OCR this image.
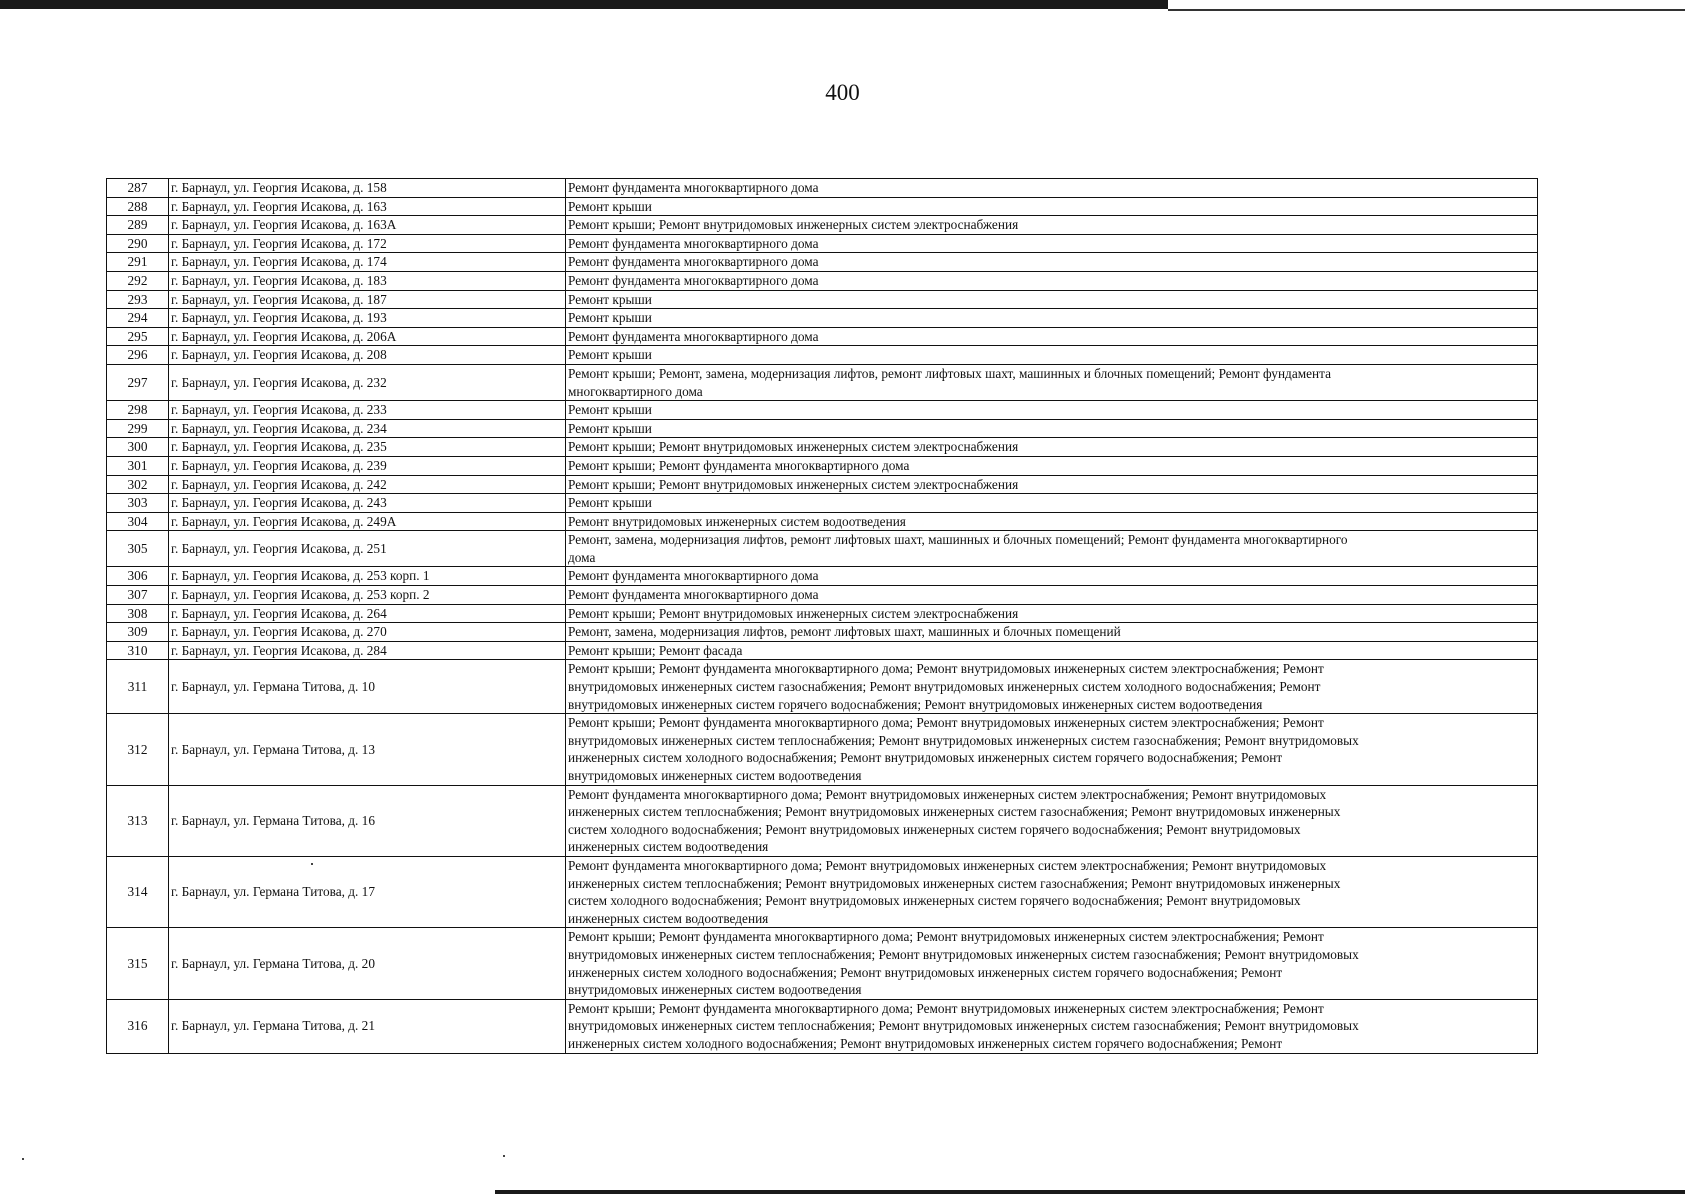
400
287	г. Барнаул, ул. Георгия Исакова, д. 158	Ремонт фундамента многоквартирного дома

288	г. Барнаул, ул. Георгия Исакова, д. 163	Ремонт крыши

289	г. Барнаул, ул. Георгия Исакова, д. 163А	Ремонт крыши; Ремонт внутридомовых инженерных систем электроснабжения

290	г. Барнаул, ул. Георгия Исакова, д. 172	Ремонт фундамента многоквартирного дома

291	г. Барнаул, ул. Георгия Исакова, д. 174	Ремонт фундамента многоквартирного дома

292	г. Барнаул, ул. Георгия Исакова, д. 183	Ремонт фундамента многоквартирного дома

293	г. Барнаул, ул. Георгия Исакова, д. 187	Ремонт крыши

294	г. Барнаул, ул. Георгия Исакова, д. 193	Ремонт крыши

295	г. Барнаул, ул. Георгия Исакова, д. 206А	Ремонт фундамента многоквартирного дома

296	г. Барнаул, ул. Георгия Исакова, д. 208	Ремонт крыши

297	г. Барнаул, ул. Георгия Исакова, д. 232	Ремонт крыши; Ремонт, замена, модернизация лифтов, ремонт лифтовых шахт, машинных и блочных помещений; Ремонт фундамента
многоквартирного дома

298	г. Барнаул, ул. Георгия Исакова, д. 233	Ремонт крыши

299	г. Барнаул, ул. Георгия Исакова, д. 234	Ремонт крыши

300	г. Барнаул, ул. Георгия Исакова, д. 235	Ремонт крыши; Ремонт внутридомовых инженерных систем электроснабжения

301	г. Барнаул, ул. Георгия Исакова, д. 239	Ремонт крыши; Ремонт фундамента многоквартирного дома

302	г. Барнаул, ул. Георгия Исакова, д. 242	Ремонт крыши; Ремонт внутридомовых инженерных систем электроснабжения

303	г. Барнаул, ул. Георгия Исакова, д. 243	Ремонт крыши

304	г. Барнаул, ул. Георгия Исакова, д. 249А	Ремонт внутридомовых инженерных систем водоотведения

305	г. Барнаул, ул. Георгия Исакова, д. 251	Ремонт, замена, модернизация лифтов, ремонт лифтовых шахт, машинных и блочных помещений; Ремонт фундамента многоквартирного
дома

306	г. Барнаул, ул. Георгия Исакова, д. 253 корп. 1	Ремонт фундамента многоквартирного дома

307	г. Барнаул, ул. Георгия Исакова, д. 253 корп. 2	Ремонт фундамента многоквартирного дома

308	г. Барнаул, ул. Георгия Исакова, д. 264	Ремонт крыши; Ремонт внутридомовых инженерных систем электроснабжения

309	г. Барнаул, ул. Георгия Исакова, д. 270	Ремонт, замена, модернизация лифтов, ремонт лифтовых шахт, машинных и блочных помещений

310	г. Барнаул, ул. Георгия Исакова, д. 284	Ремонт крыши; Ремонт фасада

311	г. Барнаул, ул. Германа Титова, д. 10	Ремонт крыши; Ремонт фундамента многоквартирного дома; Ремонт внутридомовых инженерных систем электроснабжения; Ремонт
внутридомовых инженерных систем газоснабжения; Ремонт внутридомовых инженерных систем холодного водоснабжения; Ремонт
внутридомовых инженерных систем горячего водоснабжения; Ремонт внутридомовых инженерных систем водоотведения

312	г. Барнаул, ул. Германа Титова, д. 13	Ремонт крыши; Ремонт фундамента многоквартирного дома; Ремонт внутридомовых инженерных систем электроснабжения; Ремонт
внутридомовых инженерных систем теплоснабжения; Ремонт внутридомовых инженерных систем газоснабжения; Ремонт внутридомовых
инженерных систем холодного водоснабжения; Ремонт внутридомовых инженерных систем горячего водоснабжения; Ремонт
внутридомовых инженерных систем водоотведения

313	г. Барнаул, ул. Германа Титова, д. 16	Ремонт фундамента многоквартирного дома; Ремонт внутридомовых инженерных систем электроснабжения; Ремонт внутридомовых
инженерных систем теплоснабжения; Ремонт внутридомовых инженерных систем газоснабжения; Ремонт внутридомовых инженерных
систем холодного водоснабжения; Ремонт внутридомовых инженерных систем горячего водоснабжения; Ремонт внутридомовых
инженерных систем водоотведения

314	г. Барнаул, ул. Германа Титова, д. 17	Ремонт фундамента многоквартирного дома; Ремонт внутридомовых инженерных систем электроснабжения; Ремонт внутридомовых
инженерных систем теплоснабжения; Ремонт внутридомовых инженерных систем газоснабжения; Ремонт внутридомовых инженерных
систем холодного водоснабжения; Ремонт внутридомовых инженерных систем горячего водоснабжения; Ремонт внутридомовых
инженерных систем водоотведения

315	г. Барнаул, ул. Германа Титова, д. 20	Ремонт крыши; Ремонт фундамента многоквартирного дома; Ремонт внутридомовых инженерных систем электроснабжения; Ремонт
внутридомовых инженерных систем теплоснабжения; Ремонт внутридомовых инженерных систем газоснабжения; Ремонт внутридомовых
инженерных систем холодного водоснабжения; Ремонт внутридомовых инженерных систем горячего водоснабжения; Ремонт
внутридомовых инженерных систем водоотведения

316	г. Барнаул, ул. Германа Титова, д. 21	Ремонт крыши; Ремонт фундамента многоквартирного дома; Ремонт внутридомовых инженерных систем электроснабжения; Ремонт
внутридомовых инженерных систем теплоснабжения; Ремонт внутридомовых инженерных систем газоснабжения; Ремонт внутридомовых
инженерных систем холодного водоснабжения; Ремонт внутридомовых инженерных систем горячего водоснабжения; Ремонт
